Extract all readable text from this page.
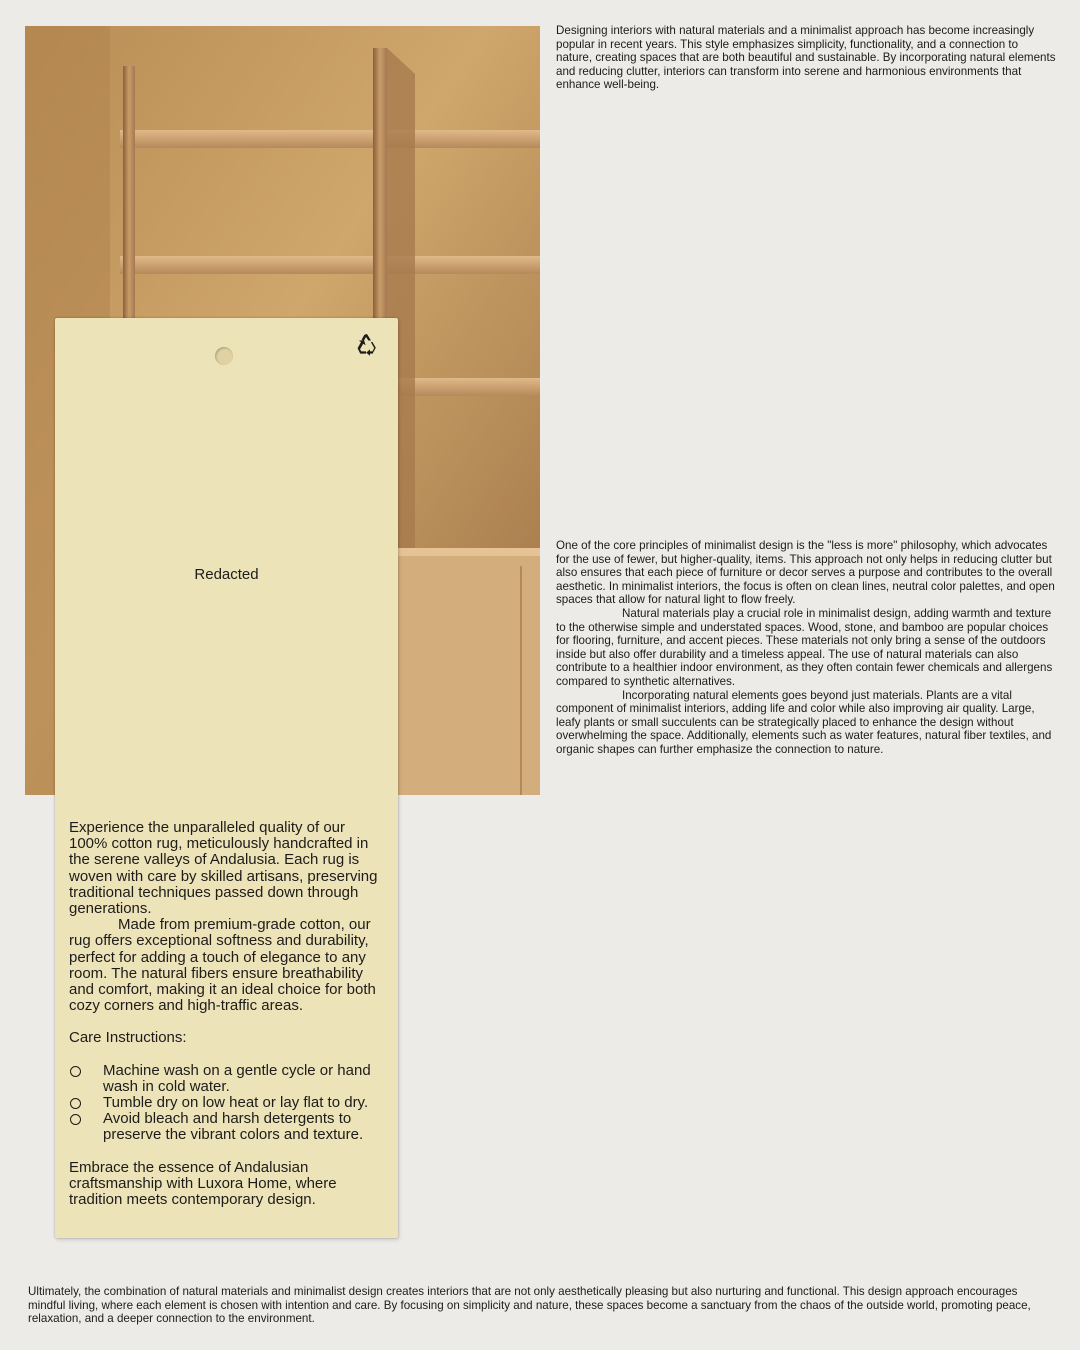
Designing interiors with natural materials and a minimalist approach has become increasingly popular in recent years. This style emphasizes simplicity, functionality, and a connection to nature, creating spaces that are both beautiful and sustainable. By incorporating natural elements and reducing clutter, interiors can transform into serene and harmonious environments that enhance well-being.

One of the core principles of minimalist design is the "less is more" philosophy, which advocates for the use of fewer, but higher-quality, items. This approach not only helps in reducing clutter but also ensures that each piece of furniture or decor serves a purpose and contributes to the overall aesthetic. In minimalist interiors, the focus is often on clean lines, neutral color palettes, and open spaces that allow for natural light to flow freely.

Natural materials play a crucial role in minimalist design, adding warmth and texture to the otherwise simple and understated spaces. Wood, stone, and bamboo are popular choices for flooring, furniture, and accent pieces. These materials not only bring a sense of the outdoors inside but also offer durability and a timeless appeal. The use of natural materials can also contribute to a healthier indoor environment, as they often contain fewer chemicals and allergens compared to synthetic alternatives.

Incorporating natural elements goes beyond just materials. Plants are a vital component of minimalist interiors, adding life and color while also improving air quality. Large, leafy plants or small succulents can be strategically placed to enhance the design without overwhelming the space. Additionally, elements such as water features, natural fiber textiles, and organic shapes can further emphasize the connection to nature.

Redacted

Experience the unparalleled quality of our 100% cotton rug, meticulously handcrafted in the serene valleys of Andalusia. Each rug is woven with care by skilled artisans, preserving traditional techniques passed down through generations.

Made from premium-grade cotton, our rug offers exceptional softness and durability, perfect for adding a touch of elegance to any room. The natural fibers ensure breathability and comfort, making it an ideal choice for both cozy corners and high-traffic areas.

Care Instructions:

Machine wash on a gentle cycle or hand wash in cold water.
Tumble dry on low heat or lay flat to dry.
Avoid bleach and harsh detergents to preserve the vibrant colors and texture.

Embrace the essence of Andalusian craftsmanship with Luxora Home, where tradition meets contemporary design.

Ultimately, the combination of natural materials and minimalist design creates interiors that are not only aesthetically pleasing but also nurturing and functional. This design approach encourages mindful living, where each element is chosen with intention and care. By focusing on simplicity and nature, these spaces become a sanctuary from the chaos of the outside world, promoting peace, relaxation, and a deeper connection to the environment.
